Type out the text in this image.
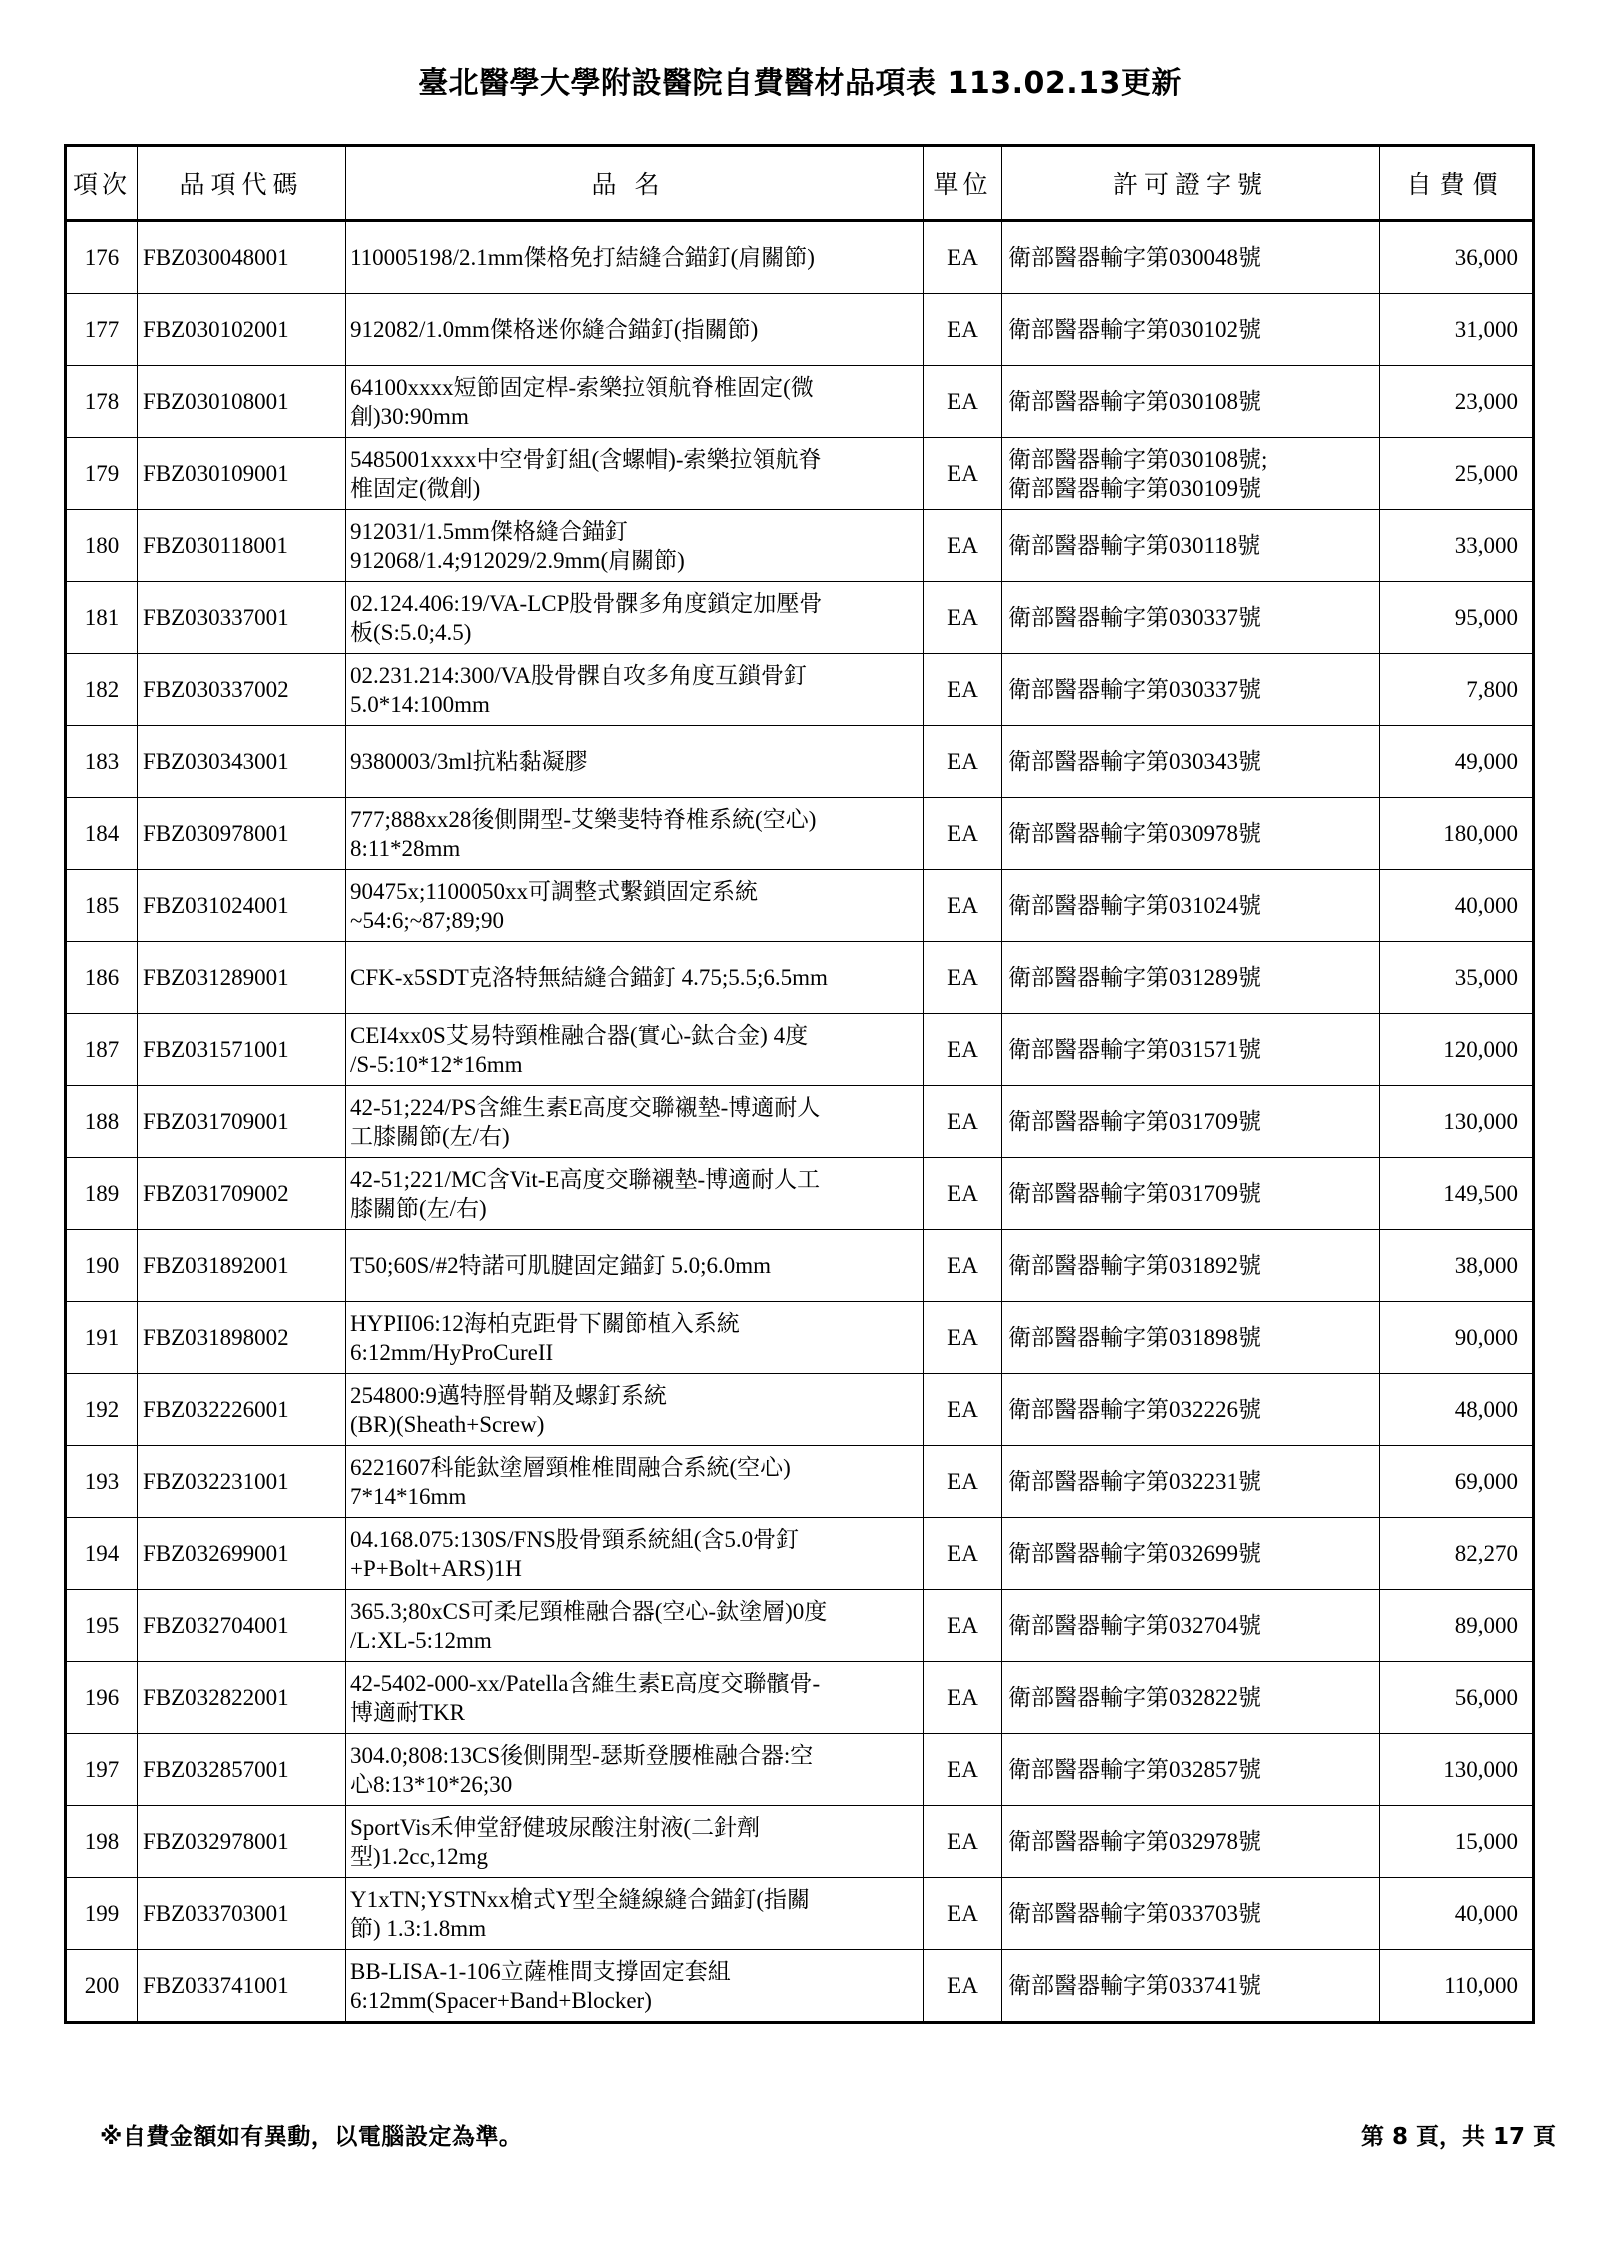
臺北醫學大學附設醫院自費醫材品項表 113.02.13更新
項次	品項代碼	品名	單位	許可證字號	自費價
176	FBZ030048001	110005198/2.1mm傑格免打結縫合錨釘(肩關節)	EA	衛部醫器輸字第030048號	36,000
177	FBZ030102001	912082/1.0mm傑格迷你縫合錨釘(指關節)	EA	衛部醫器輸字第030102號	31,000
178	FBZ030108001	64100xxxx短節固定桿-索樂拉領航脊椎固定(微
創)30:90mm	EA	衛部醫器輸字第030108號	23,000
179	FBZ030109001	5485001xxxx中空骨釘組(含螺帽)-索樂拉領航脊
椎固定(微創)	EA	衛部醫器輸字第030108號;
衛部醫器輸字第030109號	25,000
180	FBZ030118001	912031/1.5mm傑格縫合錨釘
912068/1.4;912029/2.9mm(肩關節)	EA	衛部醫器輸字第030118號	33,000
181	FBZ030337001	02.124.406:19/VA-LCP股骨髁多角度鎖定加壓骨
板(S:5.0;4.5)	EA	衛部醫器輸字第030337號	95,000
182	FBZ030337002	02.231.214:300/VA股骨髁自攻多角度互鎖骨釘
5.0*14:100mm	EA	衛部醫器輸字第030337號	7,800
183	FBZ030343001	9380003/3ml抗粘黏凝膠	EA	衛部醫器輸字第030343號	49,000
184	FBZ030978001	777;888xx28後側開型-艾樂斐特脊椎系統(空心)
8:11*28mm	EA	衛部醫器輸字第030978號	180,000
185	FBZ031024001	90475x;1100050xx可調整式繫鎖固定系統
~54:6;~87;89;90	EA	衛部醫器輸字第031024號	40,000
186	FBZ031289001	CFK-x5SDT克洛特無結縫合錨釘 4.75;5.5;6.5mm	EA	衛部醫器輸字第031289號	35,000
187	FBZ031571001	CEI4xx0S艾易特頸椎融合器(實心-鈦合金) 4度
/S-5:10*12*16mm	EA	衛部醫器輸字第031571號	120,000
188	FBZ031709001	42-51;224/PS含維生素E高度交聯襯墊-博適耐人
工膝關節(左/右)	EA	衛部醫器輸字第031709號	130,000
189	FBZ031709002	42-51;221/MC含Vit-E高度交聯襯墊-博適耐人工
膝關節(左/右)	EA	衛部醫器輸字第031709號	149,500
190	FBZ031892001	T50;60S/#2特諾可肌腱固定錨釘 5.0;6.0mm	EA	衛部醫器輸字第031892號	38,000
191	FBZ031898002	HYPII06:12海柏克距骨下關節植入系統
6:12mm/HyProCureII	EA	衛部醫器輸字第031898號	90,000
192	FBZ032226001	254800:9邁特脛骨鞘及螺釘系統
(BR)(Sheath+Screw)	EA	衛部醫器輸字第032226號	48,000
193	FBZ032231001	6221607科能鈦塗層頸椎椎間融合系統(空心)
7*14*16mm	EA	衛部醫器輸字第032231號	69,000
194	FBZ032699001	04.168.075:130S/FNS股骨頸系統組(含5.0骨釘
+P+Bolt+ARS)1H	EA	衛部醫器輸字第032699號	82,270
195	FBZ032704001	365.3;80xCS可柔尼頸椎融合器(空心-鈦塗層)0度
/L:XL-5:12mm	EA	衛部醫器輸字第032704號	89,000
196	FBZ032822001	42-5402-000-xx/Patella含維生素E高度交聯髕骨-
博適耐TKR	EA	衛部醫器輸字第032822號	56,000
197	FBZ032857001	304.0;808:13CS後側開型-瑟斯登腰椎融合器:空
心8:13*10*26;30	EA	衛部醫器輸字第032857號	130,000
198	FBZ032978001	SportVis禾伸堂舒健玻尿酸注射液(二針劑
型)1.2cc,12mg	EA	衛部醫器輸字第032978號	15,000
199	FBZ033703001	Y1xTN;YSTNxx槍式Y型全縫線縫合錨釘(指關
節) 1.3:1.8mm	EA	衛部醫器輸字第033703號	40,000
200	FBZ033741001	BB-LISA-1-106立薩椎間支撐固定套組
6:12mm(Spacer+Band+Blocker)	EA	衛部醫器輸字第033741號	110,000
※自費金額如有異動，以電腦設定為準。	第 8 頁，共 17 頁
